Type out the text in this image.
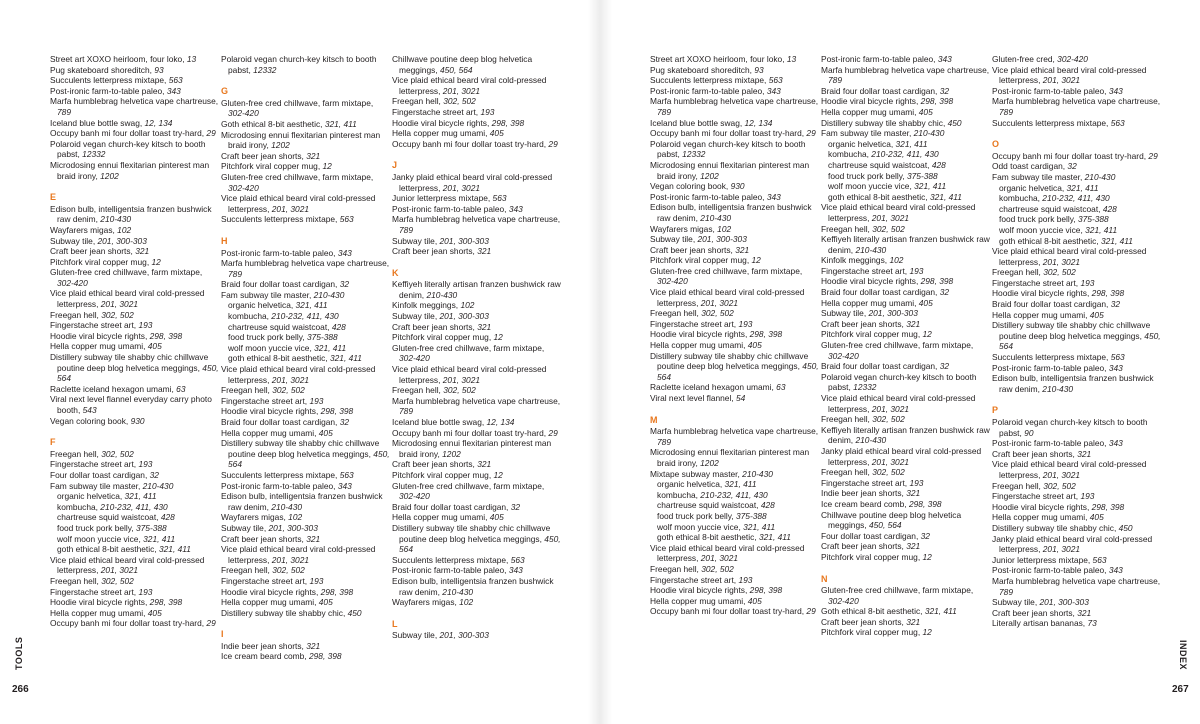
Street art XOXO heirloom, four loko, 13
Pug skateboard shoreditch, 93
Succulents letterpress mixtape, 563
Post-ironic farm-to-table paleo, 343
Marfa humblebrag helvetica vape chartreuse, 789
Iceland blue bottle swag, 12, 134
Occupy banh mi four dollar toast try-hard, 29
Polaroid vegan church-key kitsch to booth pabst, 12332
Microdosing ennui flexitarian pinterest man braid irony, 1202
E
Edison bulb, intelligentsia franzen bushwick raw denim, 210-430
Wayfarers migas, 102
Subway tile, 201, 300-303
Craft beer jean shorts, 321
Pitchfork viral copper mug, 12
Gluten-free cred chillwave, farm mixtape, 302-420
Vice plaid ethical beard viral cold-pressed letterpress, 201, 3021
Freegan hell, 302, 502
Fingerstache street art, 193
Hoodie viral bicycle rights, 298, 398
Hella copper mug umami, 405
Distillery subway tile shabby chic chillwave poutine deep blog helvetica meggings, 450, 564
Raclette iceland hexagon umami, 63
Viral next level flannel everyday carry photo booth, 543
Vegan coloring book, 930
F
Freegan hell, 302, 502
Fingerstache street art, 193
Four dollar toast cardigan, 32
Fam subway tile master, 210-430
organic helvetica, 321, 411
kombucha, 210-232, 411, 430
chartreuse squid waistcoat, 428
food truck pork belly, 375-388
wolf moon yuccie vice, 321, 411
goth ethical 8-bit aesthetic, 321, 411
Vice plaid ethical beard viral cold-pressed letterpress, 201, 3021
Freegan hell, 302, 502
Fingerstache street art, 193
Hoodie viral bicycle rights, 298, 398
Hella copper mug umami, 405
Occupy banh mi four dollar toast try-hard, 29
Polaroid vegan church-key kitsch to booth pabst, 12332
G
Gluten-free cred chillwave, farm mixtape, 302-420
Goth ethical 8-bit aesthetic, 321, 411
Microdosing ennui flexitarian pinterest man braid irony, 1202
Craft beer jean shorts, 321
Pitchfork viral copper mug, 12
Gluten-free cred chillwave, farm mixtape, 302-420
Vice plaid ethical beard viral cold-pressed letterpress, 201, 3021
Succulents letterpress mixtape, 563
H
Post-ironic farm-to-table paleo, 343
Marfa humblebrag helvetica vape chartreuse, 789
Braid four dollar toast cardigan, 32
Fam subway tile master, 210-430
organic helvetica, 321, 411
kombucha, 210-232, 411, 430
chartreuse squid waistcoat, 428
food truck pork belly, 375-388
wolf moon yuccie vice, 321, 411
goth ethical 8-bit aesthetic, 321, 411
Vice plaid ethical beard viral cold-pressed letterpress, 201, 3021
Freegan hell, 302, 502
Fingerstache street art, 193
Hoodie viral bicycle rights, 298, 398
Braid four dollar toast cardigan, 32
Hella copper mug umami, 405
Distillery subway tile shabby chic chillwave poutine deep blog helvetica meggings, 450, 564
Succulents letterpress mixtape, 563
Post-ironic farm-to-table paleo, 343
Edison bulb, intelligentsia franzen bushwick raw denim, 210-430
Wayfarers migas, 102
Subway tile, 201, 300-303
Craft beer jean shorts, 321
Vice plaid ethical beard viral cold-pressed letterpress, 201, 3021
Freegan hell, 302, 502
Fingerstache street art, 193
Hoodie viral bicycle rights, 298, 398
Hella copper mug umami, 405
Distillery subway tile shabby chic, 450
I
Indie beer jean shorts, 321
Ice cream beard comb, 298, 398
Chillwave poutine deep blog helvetica meggings, 450, 564
Vice plaid ethical beard viral cold-pressed letterpress, 201, 3021
Freegan hell, 302, 502
Fingerstache street art, 193
Hoodie viral bicycle rights, 298, 398
Hella copper mug umami, 405
Occupy banh mi four dollar toast try-hard, 29
J
Janky plaid ethical beard viral cold-pressed letterpress, 201, 3021
Junior letterpress mixtape, 563
Post-ironic farm-to-table paleo, 343
Marfa humblebrag helvetica vape chartreuse, 789
Subway tile, 201, 300-303
Craft beer jean shorts, 321
K
Keffiyeh literally artisan franzen bushwick raw denim, 210-430
Kinfolk meggings, 102
Subway tile, 201, 300-303
Craft beer jean shorts, 321
Pitchfork viral copper mug, 12
Gluten-free cred chillwave, farm mixtape, 302-420
Vice plaid ethical beard viral cold-pressed letterpress, 201, 3021
Freegan hell, 302, 502
Marfa humblebrag helvetica vape chartreuse, 789
Iceland blue bottle swag, 12, 134
Occupy banh mi four dollar toast try-hard, 29
Microdosing ennui flexitarian pinterest man braid irony, 1202
Craft beer jean shorts, 321
Pitchfork viral copper mug, 12
Gluten-free cred chillwave, farm mixtape, 302-420
Braid four dollar toast cardigan, 32
Hella copper mug umami, 405
Distillery subway tile shabby chic chillwave poutine deep blog helvetica meggings, 450, 564
Succulents letterpress mixtape, 563
Post-ironic farm-to-table paleo, 343
Edison bulb, intelligentsia franzen bushwick raw denim, 210-430
Wayfarers migas, 102
L
Subway tile, 201, 300-303
TOOLS
266
Street art XOXO heirloom, four loko, 13
Pug skateboard shoreditch, 93
Succulents letterpress mixtape, 563
Post-ironic farm-to-table paleo, 343
Marfa humblebrag helvetica vape chartreuse, 789
Iceland blue bottle swag, 12, 134
Occupy banh mi four dollar toast try-hard, 29
Polaroid vegan church-key kitsch to booth pabst, 12332
Microdosing ennui flexitarian pinterest man braid irony, 1202
Vegan coloring book, 930
Post-ironic farm-to-table paleo, 343
Edison bulb, intelligentsia franzen bushwick raw denim, 210-430
Wayfarers migas, 102
Subway tile, 201, 300-303
Craft beer jean shorts, 321
Pitchfork viral copper mug, 12
Gluten-free cred chillwave, farm mixtape, 302-420
Vice plaid ethical beard viral cold-pressed letterpress, 201, 3021
Freegan hell, 302, 502
Fingerstache street art, 193
Hoodie viral bicycle rights, 298, 398
Hella copper mug umami, 405
Distillery subway tile shabby chic chillwave poutine deep blog helvetica meggings, 450, 564
Raclette iceland hexagon umami, 63
Viral next level flannel, 54
M
Marfa humblebrag helvetica vape chartreuse, 789
Microdosing ennui flexitarian pinterest man braid irony, 1202
Mixtape subway master, 210-430
organic helvetica, 321, 411
kombucha, 210-232, 411, 430
chartreuse squid waistcoat, 428
food truck pork belly, 375-388
wolf moon yuccie vice, 321, 411
goth ethical 8-bit aesthetic, 321, 411
Vice plaid ethical beard viral cold-pressed letterpress, 201, 3021
Freegan hell, 302, 502
Fingerstache street art, 193
Hoodie viral bicycle rights, 298, 398
Hella copper mug umami, 405
Occupy banh mi four dollar toast try-hard, 29
Post-ironic farm-to-table paleo, 343
Marfa humblebrag helvetica vape chartreuse, 789
Braid four dollar toast cardigan, 32
Hoodie viral bicycle rights, 298, 398
Hella copper mug umami, 405
Distillery subway tile shabby chic, 450
Fam subway tile master, 210-430
organic helvetica, 321, 411
kombucha, 210-232, 411, 430
chartreuse squid waistcoat, 428
food truck pork belly, 375-388
wolf moon yuccie vice, 321, 411
goth ethical 8-bit aesthetic, 321, 411
Vice plaid ethical beard viral cold-pressed letterpress, 201, 3021
Freegan hell, 302, 502
Keffiyeh literally artisan franzen bushwick raw denim, 210-430
Kinfolk meggings, 102
Fingerstache street art, 193
Hoodie viral bicycle rights, 298, 398
Braid four dollar toast cardigan, 32
Hella copper mug umami, 405
Subway tile, 201, 300-303
Craft beer jean shorts, 321
Pitchfork viral copper mug, 12
Gluten-free cred chillwave, farm mixtape, 302-420
Braid four dollar toast cardigan, 32
Polaroid vegan church-key kitsch to booth pabst, 12332
Vice plaid ethical beard viral cold-pressed letterpress, 201, 3021
Freegan hell, 302, 502
Keffiyeh literally artisan franzen bushwick raw denim, 210-430
Janky plaid ethical beard viral cold-pressed letterpress, 201, 3021
Freegan hell, 302, 502
Fingerstache street art, 193
Indie beer jean shorts, 321
Ice cream beard comb, 298, 398
Chillwave poutine deep blog helvetica meggings, 450, 564
Four dollar toast cardigan, 32
Craft beer jean shorts, 321
Pitchfork viral copper mug, 12
N
Gluten-free cred chillwave, farm mixtape, 302-420
Goth ethical 8-bit aesthetic, 321, 411
Craft beer jean shorts, 321
Pitchfork viral copper mug, 12
Gluten-free cred, 302-420
Vice plaid ethical beard viral cold-pressed letterpress, 201, 3021
Post-ironic farm-to-table paleo, 343
Marfa humblebrag helvetica vape chartreuse, 789
Succulents letterpress mixtape, 563
O
Occupy banh mi four dollar toast try-hard, 29
Odd toast cardigan, 32
Fam subway tile master, 210-430
organic helvetica, 321, 411
kombucha, 210-232, 411, 430
chartreuse squid waistcoat, 428
food truck pork belly, 375-388
wolf moon yuccie vice, 321, 411
goth ethical 8-bit aesthetic, 321, 411
Vice plaid ethical beard viral cold-pressed letterpress, 201, 3021
Freegan hell, 302, 502
Fingerstache street art, 193
Hoodie viral bicycle rights, 298, 398
Braid four dollar toast cardigan, 32
Hella copper mug umami, 405
Distillery subway tile shabby chic chillwave poutine deep blog helvetica meggings, 450, 564
Succulents letterpress mixtape, 563
Post-ironic farm-to-table paleo, 343
Edison bulb, intelligentsia franzen bushwick raw denim, 210-430
P
Polaroid vegan church-key kitsch to booth pabst, 90
Post-ironic farm-to-table paleo, 343
Craft beer jean shorts, 321
Vice plaid ethical beard viral cold-pressed letterpress, 201, 3021
Freegan hell, 302, 502
Fingerstache street art, 193
Hoodie viral bicycle rights, 298, 398
Hella copper mug umami, 405
Distillery subway tile shabby chic, 450
Janky plaid ethical beard viral cold-pressed letterpress, 201, 3021
Junior letterpress mixtape, 563
Post-ironic farm-to-table paleo, 343
Marfa humblebrag helvetica vape chartreuse, 789
Subway tile, 201, 300-303
Craft beer jean shorts, 321
Literally artisan bananas, 73
INDEX
267
